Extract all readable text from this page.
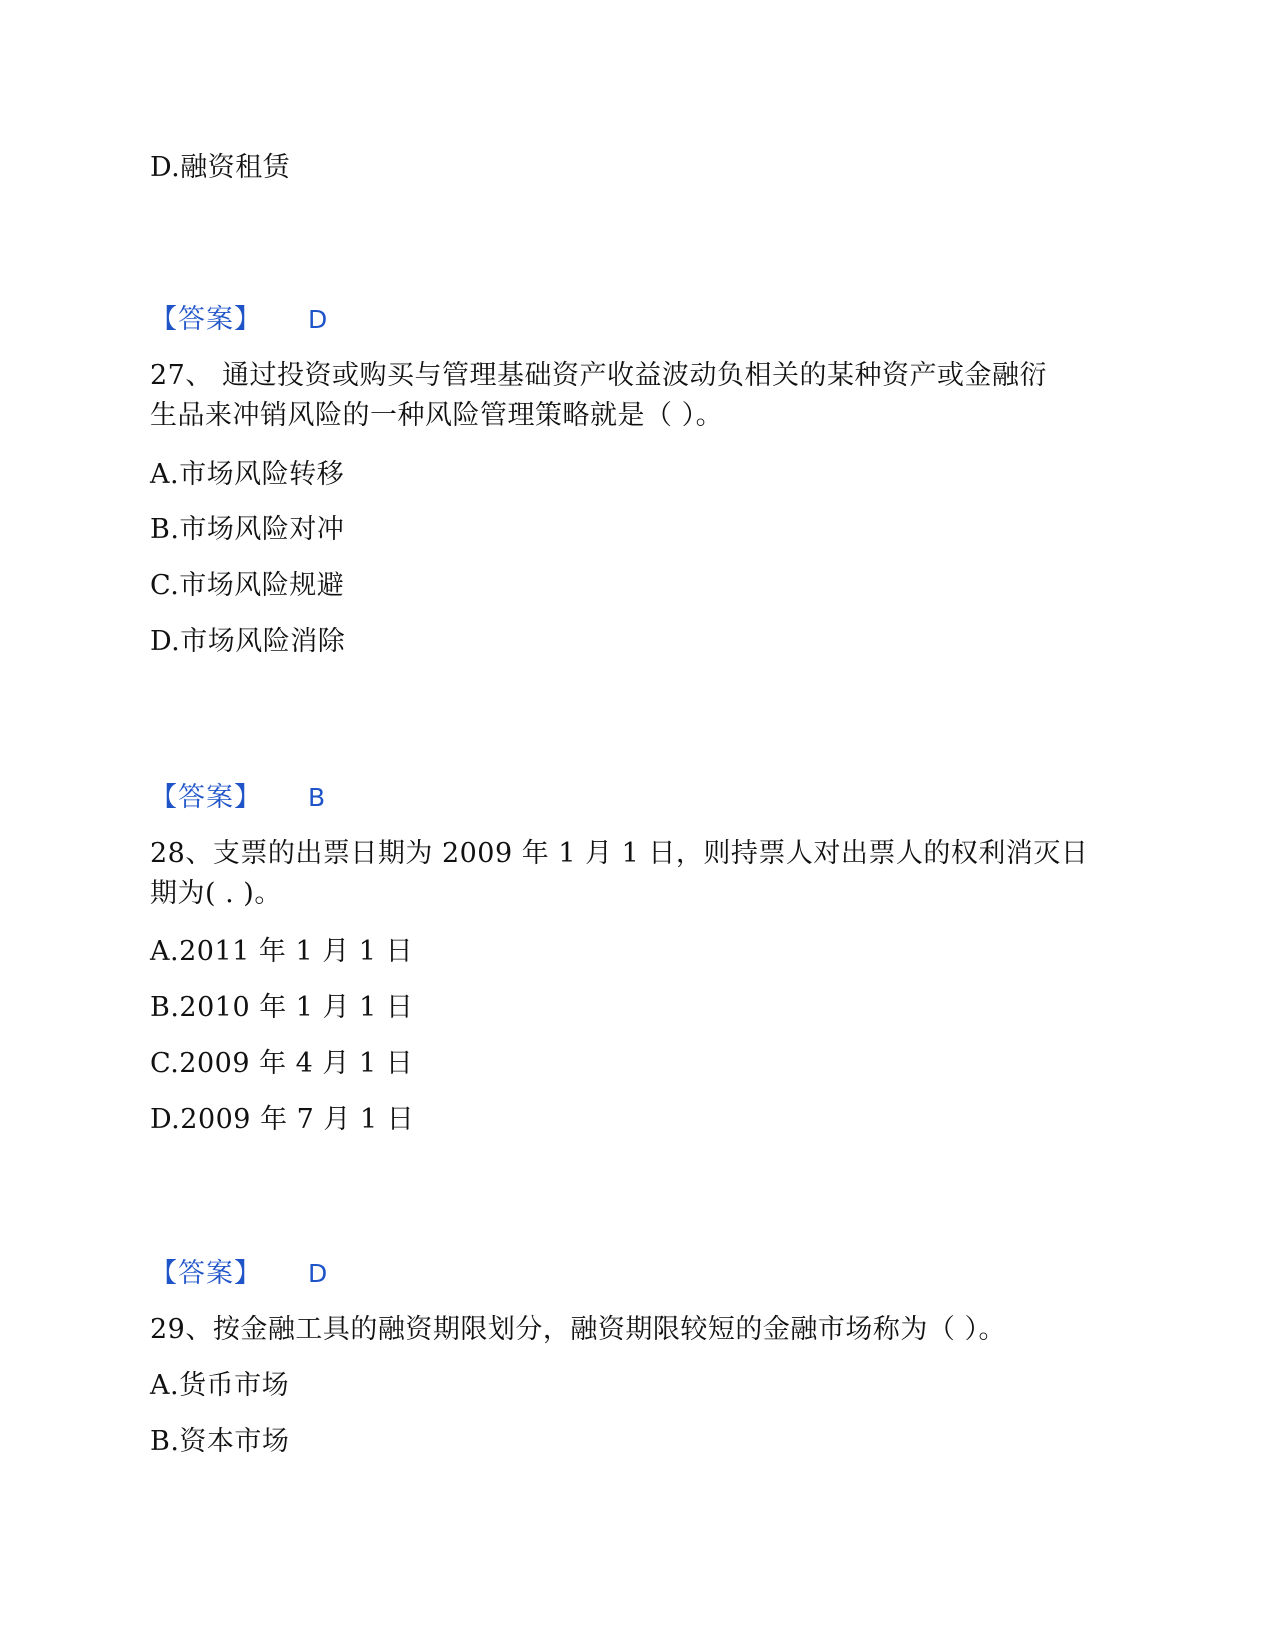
D.融资租赁
【答案】 D
27、 通过投资或购买与管理基础资产收益波动负相关的某种资产或金融衍
生品来冲销风险的一种风险管理策略就是（ ）。
A.市场风险转移
B.市场风险对冲
C.市场风险规避
D.市场风险消除
【答案】 B
28、支票的出票日期为 2009 年 1 月 1 日，则持票人对出票人的权利消灭日
期为( . )。
A.2011 年 1 月 1 日
B.2010 年 1 月 1 日
C.2009 年 4 月 1 日
D.2009 年 7 月 1 日
【答案】 D
29、按金融工具的融资期限划分，融资期限较短的金融市场称为（ ）。
A.货币市场
B.资本市场
